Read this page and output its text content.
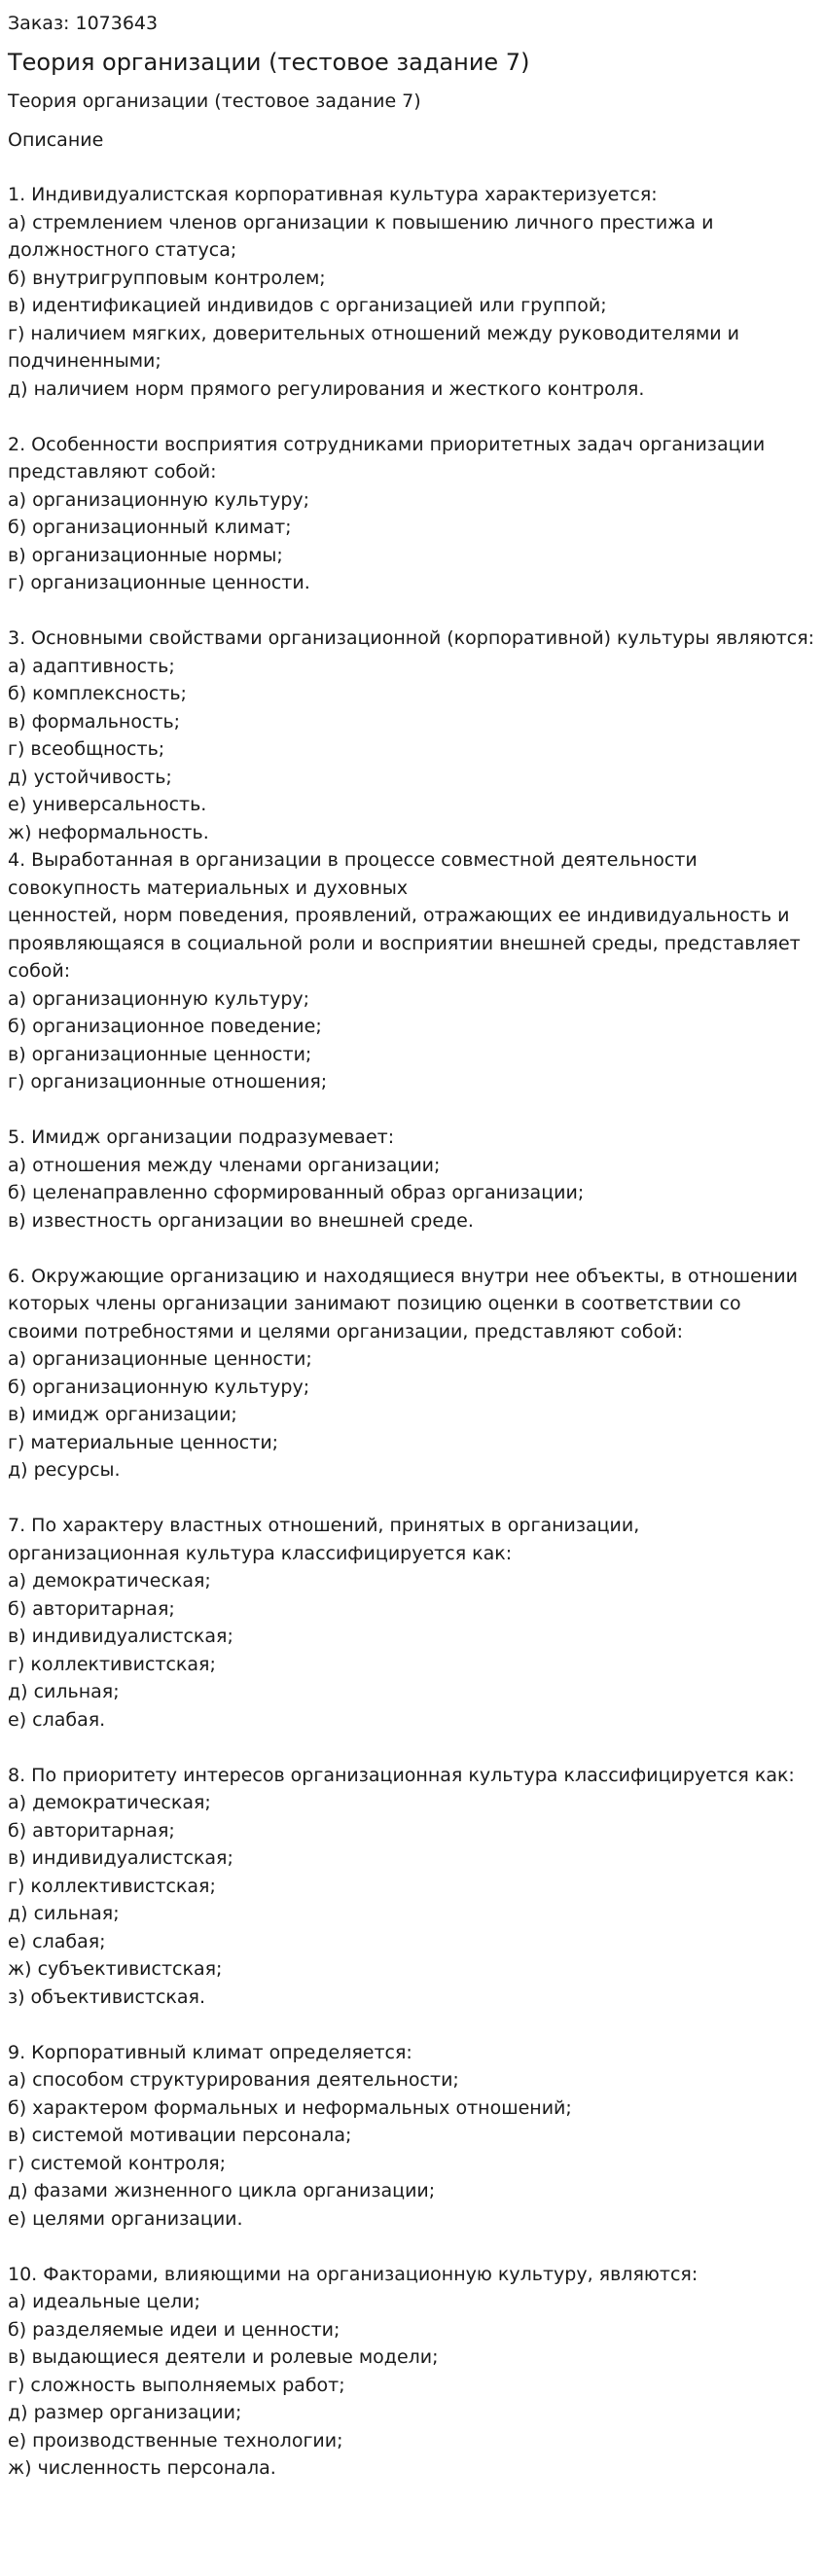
Заказ: 1073643
Теория организации (тестовое задание 7)
Теория организации (тестовое задание 7)
Описание
1. Индивидуалистская корпоративная культура характеризуется:
а) стремлением членов организации к повышению личного престижа и должностного статуса;
б) внутригрупповым контролем;
в) идентификацией индивидов с организацией или группой;
г) наличием мягких, доверительных отношений между руководителями и подчиненными;
д) наличием норм прямого регулирования и жесткого контроля.
2. Особенности восприятия сотрудниками приоритетных задач организации представляют собой:
а) организационную культуру;
б) организационный климат;
в) организационные нормы;
г) организационные ценности.
3. Основными свойствами организационной (корпоративной) культуры являются:
а) адаптивность;
б) комплексность;
в) формальность;
г) всеобщность;
д) устойчивость;
е) универсальность.
ж) неформальность.
4. Выработанная в организации в процессе совместной деятельности совокупность материальных и духовных
ценностей, норм поведения, проявлений, отражающих ее индивидуальность и проявляющаяся в социальной роли и восприятии внешней среды, представляет собой:
а) организационную культуру;
б) организационное поведение;
в) организационные ценности;
г) организационные отношения;
5. Имидж организации подразумевает:
а) отношения между членами организации;
б) целенаправленно сформированный образ организации;
в) известность организации во внешней среде.
6. Окружающие организацию и находящиеся внутри нее объекты, в отношении которых члены организации занимают позицию оценки в соответствии со своими потребностями и целями организации, представляют собой:
а) организационные ценности;
б) организационную культуру;
в) имидж организации;
г) материальные ценности;
д) ресурсы.
7. По характеру властных отношений, принятых в организации, организационная культура классифицируется как:
а) демократическая;
б) авторитарная;
в) индивидуалистская;
г) коллективистская;
д) сильная;
е) слабая.
8. По приоритету интересов организационная культура классифицируется как:
а) демократическая;
б) авторитарная;
в) индивидуалистская;
г) коллективистская;
д) сильная;
е) слабая;
ж) субъективистская;
з) объективистская.
9. Корпоративный климат определяется:
а) способом структурирования деятельности;
б) характером формальных и неформальных отношений;
в) системой мотивации персонала;
г) системой контроля;
д) фазами жизненного цикла организации;
е) целями организации.
10. Факторами, влияющими на организационную культуру, являются:
а) идеальные цели;
б) разделяемые идеи и ценности;
в) выдающиеся деятели и ролевые модели;
г) сложность выполняемых работ;
д) размер организации;
е) производственные технологии;
ж) численность персонала.
